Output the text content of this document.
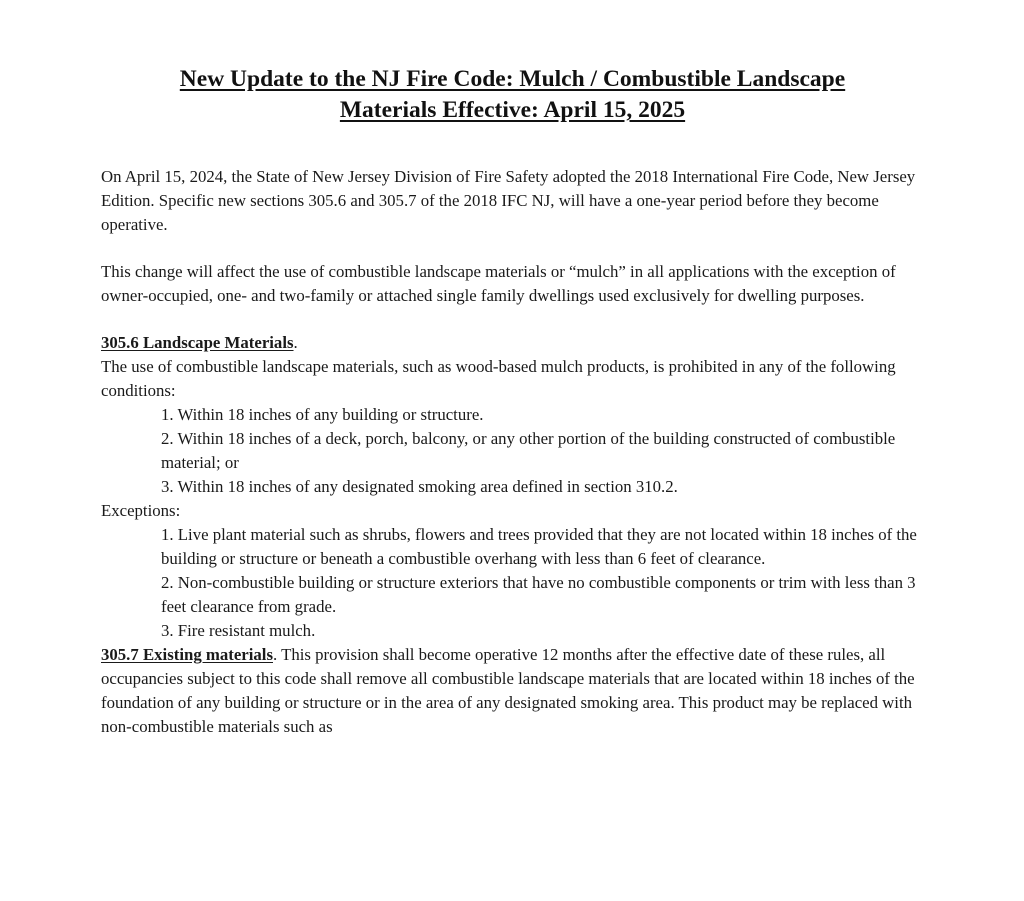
New Update to the NJ Fire Code: Mulch / Combustible Landscape
Materials Effective: April 15, 2025

On April 15, 2024, the State of New Jersey Division of Fire Safety adopted the 2018 International Fire Code, New Jersey Edition. Specific new sections 305.6 and 305.7 of the 2018 IFC NJ, will have a one-year period before they become operative.

This change will affect the use of combustible landscape materials or “mulch” in all applications with the exception of owner-occupied, one- and two-family or attached single family dwellings used exclusively for dwelling purposes.

305.6 Landscape Materials.

The use of combustible landscape materials, such as wood-based mulch products, is prohibited in any of the following conditions:

1. Within 18 inches of any building or structure.
2. Within 18 inches of a deck, porch, balcony, or any other portion of the building constructed of combustible material; or
3. Within 18 inches of any designated smoking area defined in section 310.2.
Exceptions:
1. Live plant material such as shrubs, flowers and trees provided that they are not located within 18 inches of the building or structure or beneath a combustible overhang with less than 6 feet of clearance.
2. Non-combustible building or structure exteriors that have no combustible components or trim with less than 3 feet clearance from grade.
3. Fire resistant mulch.

305.7 Existing materials. This provision shall become operative 12 months after the effective date of these rules, all occupancies subject to this code shall remove all combustible landscape materials that are located within 18 inches of the foundation of any building or structure or in the area of any designated smoking area. This product may be replaced with non-combustible materials such as
